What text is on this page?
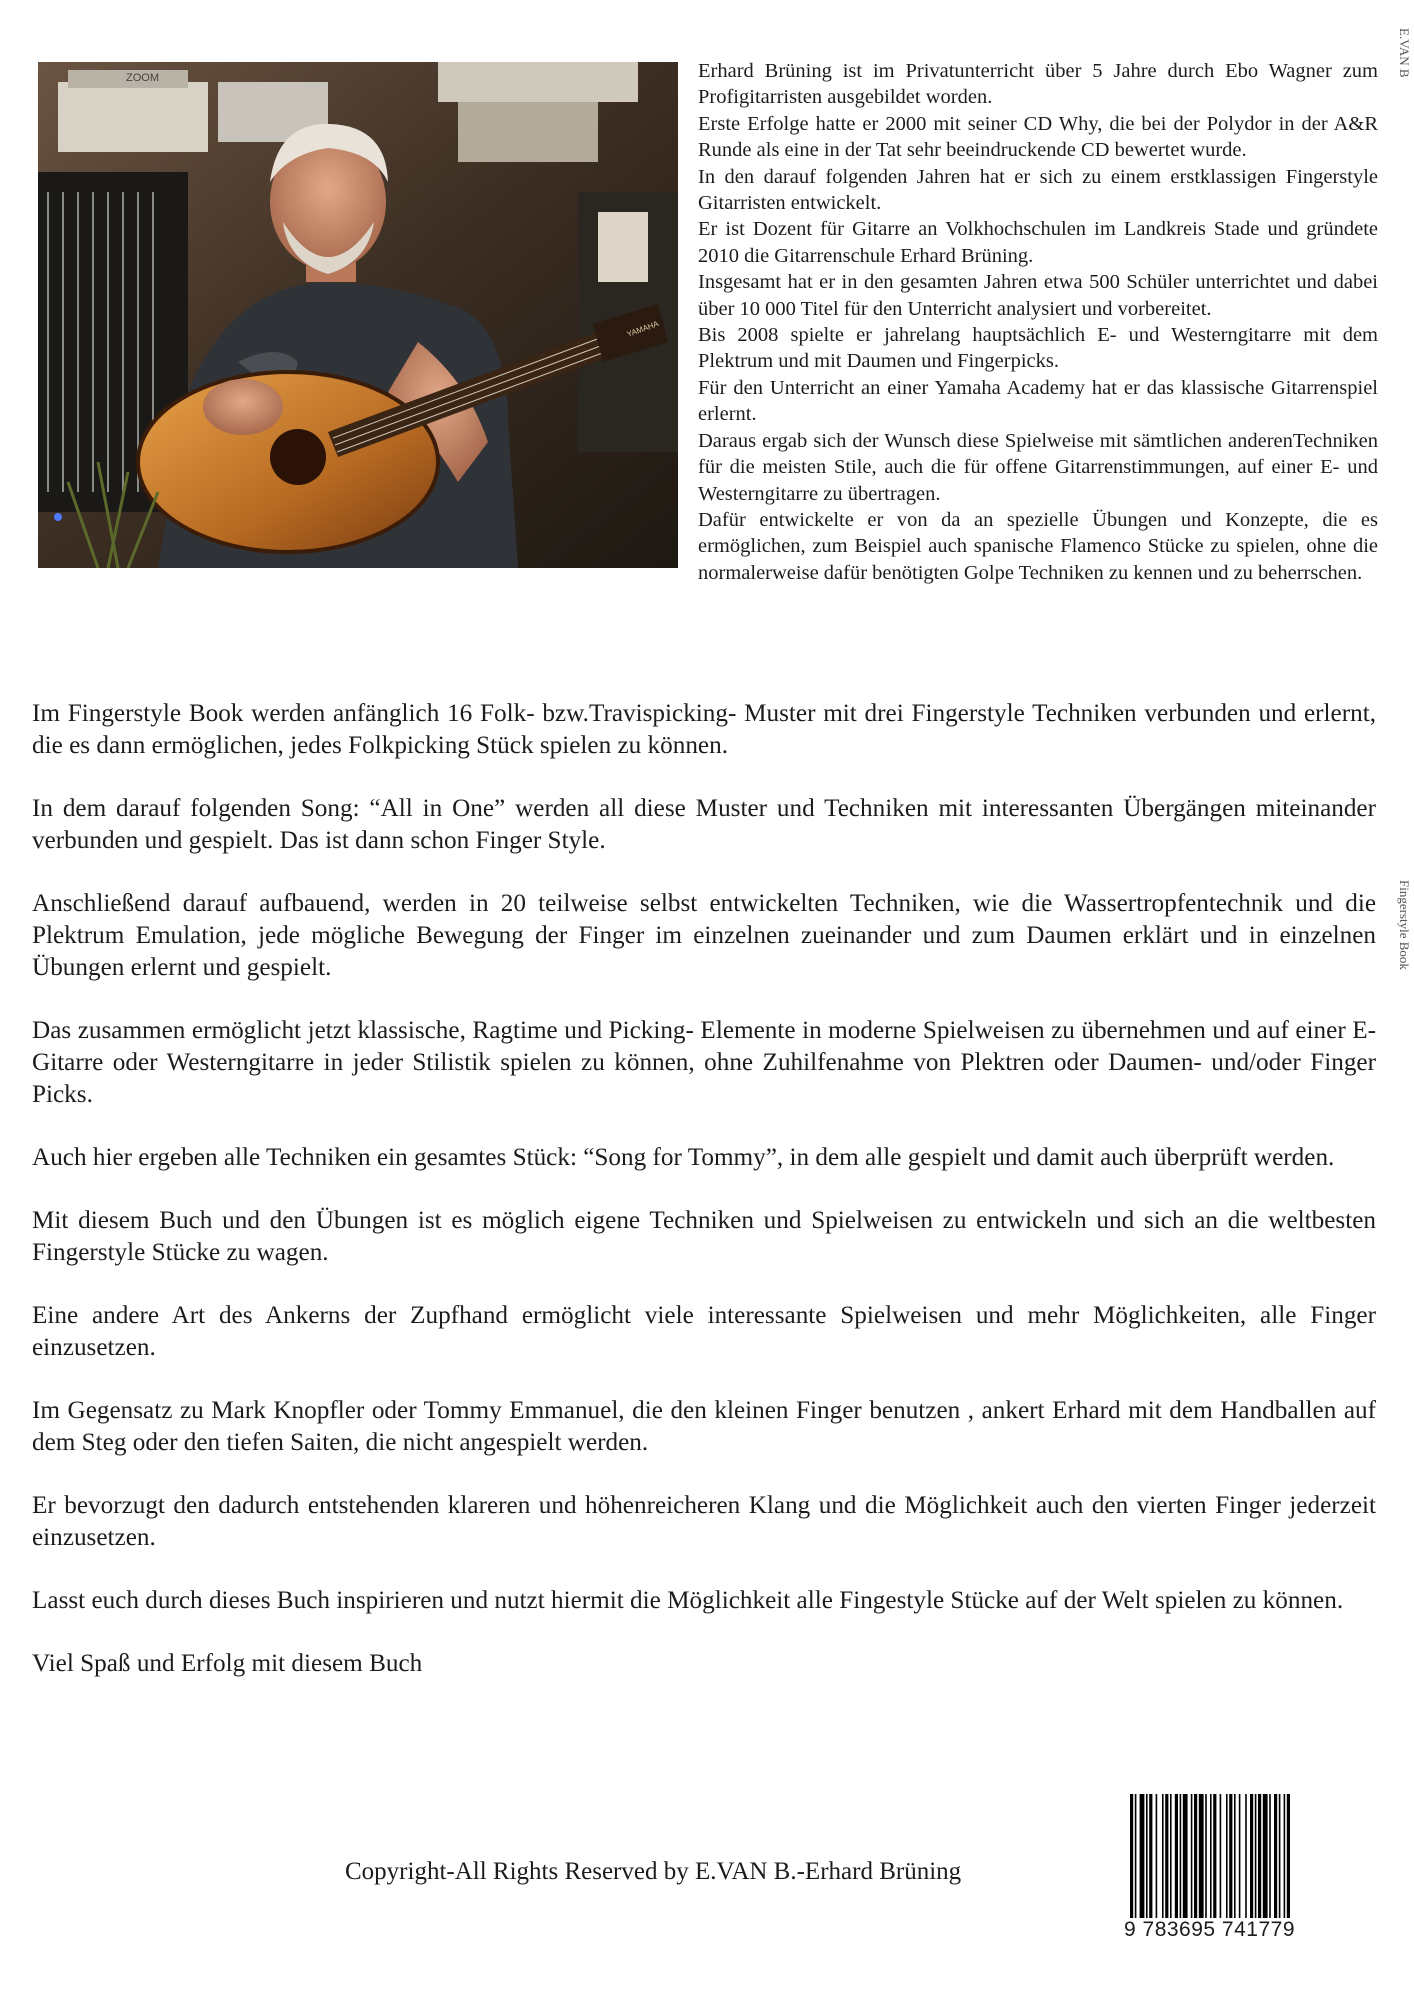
ZOOM
YAMAHA

Erhard Brüning ist im Privatunterricht über 5 Jahre durch Ebo Wagner zum Profigitarristen ausgebildet worden.

Erste Erfolge hatte er 2000 mit seiner CD Why, die bei der Polydor in der A&R Runde als eine in der Tat sehr beeindruckende CD bewertet wurde.

In den darauf folgenden Jahren hat er sich zu einem erstklassigen Fingerstyle Gitarristen entwickelt.

Er ist Dozent für Gitarre an Volkhochschulen im Landkreis Stade und gründete 2010 die Gitarrenschule Erhard Brüning.

Insgesamt hat er in den gesamten Jahren etwa 500 Schüler unterrichtet und dabei über 10 000 Titel für den Unterricht analysiert und vorbereitet.

Bis 2008 spielte er jahrelang hauptsächlich E- und Westerngitarre mit dem Plektrum und mit Daumen und Fingerpicks.

Für den Unterricht an einer Yamaha Academy hat er das klassische Gitarrenspiel erlernt.

Daraus ergab sich der Wunsch diese Spielweise mit sämtlichen anderenTechniken für die meisten Stile, auch die für offene Gitarrenstimmungen, auf einer E- und Westerngitarre zu übertragen.

Dafür entwickelte er von da an spezielle Übungen und Konzepte, die es ermöglichen, zum Beispiel auch spanische Flamenco Stücke zu spielen, ohne die normalerweise dafür benötigten Golpe Techniken zu kennen und zu beherrschen.

E.VAN B
Fingerstyle Book

Im Fingerstyle Book werden anfänglich 16 Folk- bzw.Travispicking- Muster mit drei Fingerstyle Techniken verbunden und erlernt, die es dann ermöglichen, jedes Folkpicking Stück spielen zu können.

In dem darauf folgenden Song: “All in One” werden all diese Muster und Techniken mit interessanten Übergängen miteinander verbunden und gespielt. Das ist dann schon Finger Style.

Anschließend darauf aufbauend, werden in 20 teilweise selbst entwickelten Techniken, wie die Wassertropfentechnik und die Plektrum Emulation, jede mögliche Bewegung der Finger im einzelnen zueinander und zum Daumen erklärt und in einzelnen Übungen erlernt und gespielt.

Das zusammen ermöglicht jetzt klassische, Ragtime und Picking- Elemente in moderne Spielweisen zu übernehmen und auf einer E-Gitarre oder Westerngitarre in jeder Stilistik spielen zu können, ohne Zuhilfenahme von Plektren oder Daumen- und/oder Finger Picks.

Auch hier ergeben alle Techniken ein gesamtes Stück: “Song for Tommy”, in dem alle gespielt und damit auch überprüft werden.

Mit diesem Buch und den Übungen ist es möglich eigene Techniken und Spielweisen zu entwickeln und sich an die weltbesten Fingerstyle Stücke zu wagen.

Eine andere Art des Ankerns der Zupfhand ermöglicht viele interessante Spielweisen und mehr Möglichkeiten, alle Finger einzusetzen.

Im Gegensatz zu Mark Knopfler oder Tommy Emmanuel, die den kleinen Finger benutzen , ankert Erhard mit dem Handballen auf dem Steg oder den tiefen Saiten, die nicht angespielt werden.

Er bevorzugt den dadurch entstehenden klareren und höhenreicheren Klang und die Möglichkeit auch den vierten Finger jederzeit einzusetzen.

Lasst euch durch dieses Buch inspirieren und nutzt hiermit die Möglichkeit alle Fingestyle Stücke auf der Welt spielen zu können.

Viel Spaß und Erfolg mit diesem Buch

Copyright-All Rights Reserved by E.VAN B.-Erhard Brüning
9 783695 741779
